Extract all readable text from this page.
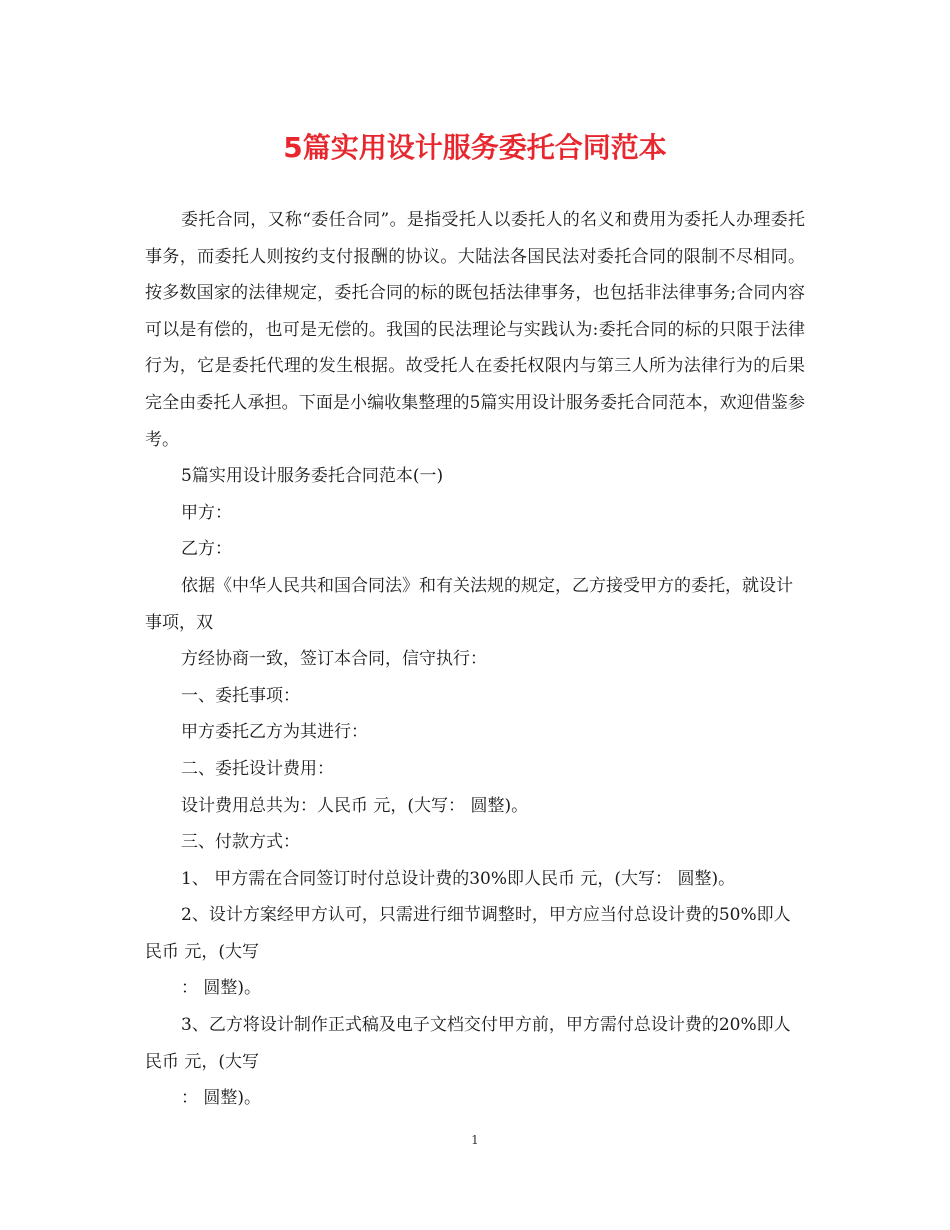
5篇实用设计服务委托合同范本

委托合同，又称“委任合同”。是指受托人以委托人的名义和费用为委托人办理委托事务，而委托人则按约支付报酬的协议。大陆法各国民法对委托合同的限制不尽相同。按多数国家的法律规定，委托合同的标的既包括法律事务，也包括非法律事务;合同内容可以是有偿的，也可是无偿的。我国的民法理论与实践认为:委托合同的标的只限于法律行为，它是委托代理的发生根据。故受托人在委托权限内与第三人所为法律行为的后果完全由委托人承担。下面是小编收集整理的5篇实用设计服务委托合同范本，欢迎借鉴参考。

5篇实用设计服务委托合同范本(一)

甲方：

乙方：

依据《中华人民共和国合同法》和有关法规的规定，乙方接受甲方的委托，就设计事项，双

方经协商一致，签订本合同，信守执行：

一、委托事项：

甲方委托乙方为其进行：

二、委托设计费用：

设计费用总共为：人民币 元，(大写： 圆整)。

三、付款方式：

1、 甲方需在合同签订时付总设计费的30%即人民币 元，(大写： 圆整)。

2、设计方案经甲方认可，只需进行细节调整时，甲方应当付总设计费的50%即人民币 元，(大写

： 圆整)。

3、乙方将设计制作正式稿及电子文档交付甲方前，甲方需付总设计费的20%即人民币 元，(大写

： 圆整)。

1
